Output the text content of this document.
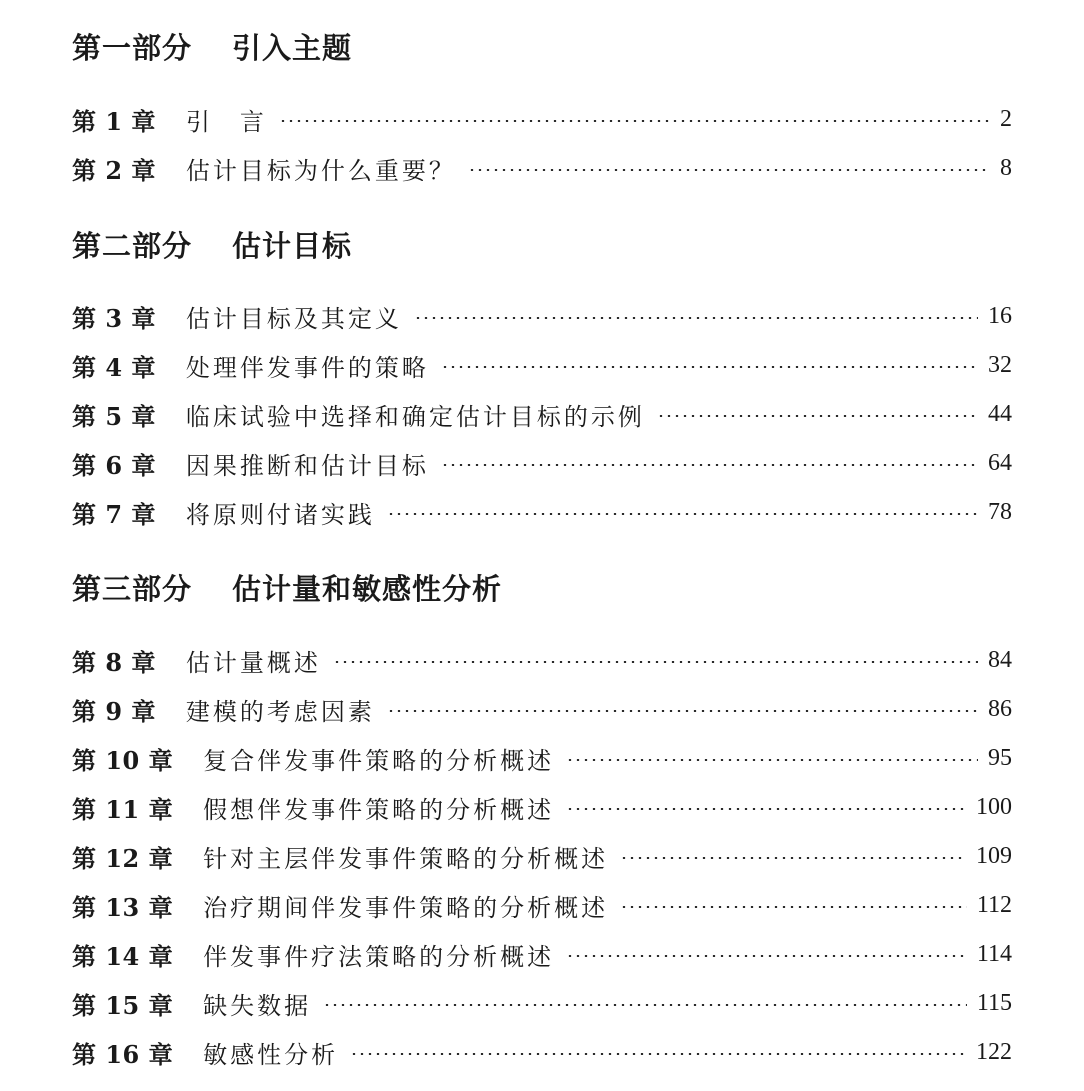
第一部分 引入主题
第 1 章 引　言	2
第 2 章 估计目标为什么重要？	8
第二部分 估计目标
第 3 章 估计目标及其定义	16
第 4 章 处理伴发事件的策略	32
第 5 章 临床试验中选择和确定估计目标的示例	44
第 6 章 因果推断和估计目标	64
第 7 章 将原则付诸实践	78
第三部分 估计量和敏感性分析
第 8 章 估计量概述	84
第 9 章 建模的考虑因素	86
第 10 章 复合伴发事件策略的分析概述	95
第 11 章 假想伴发事件策略的分析概述	100
第 12 章 针对主层伴发事件策略的分析概述	109
第 13 章 治疗期间伴发事件策略的分析概述	112
第 14 章 伴发事件疗法策略的分析概述	114
第 15 章 缺失数据	115
第 16 章 敏感性分析	122
